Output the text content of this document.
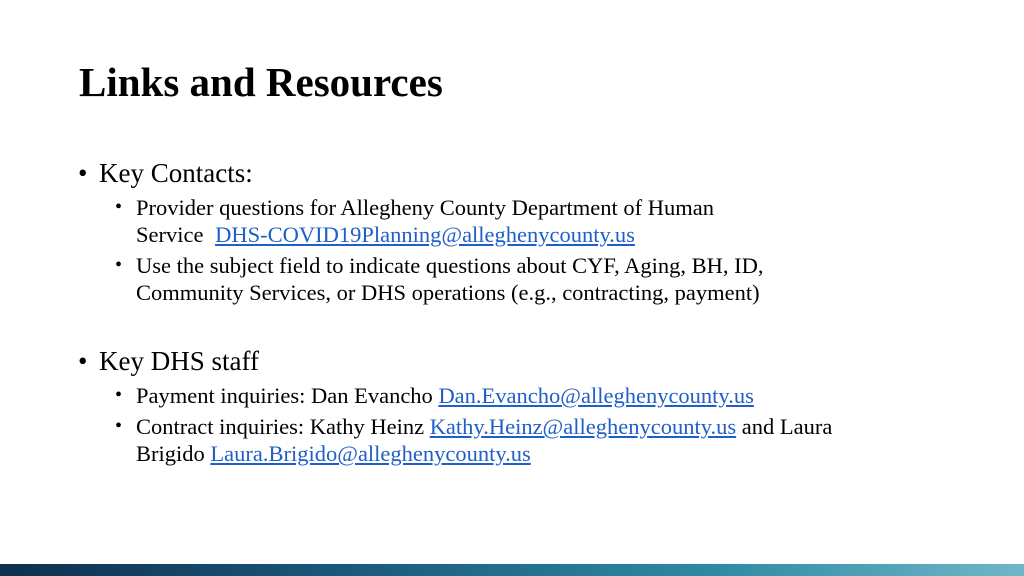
Links and Resources
• Key Contacts:
• Provider questions for Allegheny County Department of Human
Service DHS-COVID19Planning@alleghenycounty.us
• Use the subject field to indicate questions about CYF, Aging, BH, ID,
Community Services, or DHS operations (e.g., contracting, payment)
• Key DHS staff
• Payment inquiries: Dan Evancho Dan.Evancho@alleghenycounty.us
• Contract inquiries: Kathy Heinz Kathy.Heinz@alleghenycounty.us and Laura
Brigido Laura.Brigido@alleghenycounty.us
